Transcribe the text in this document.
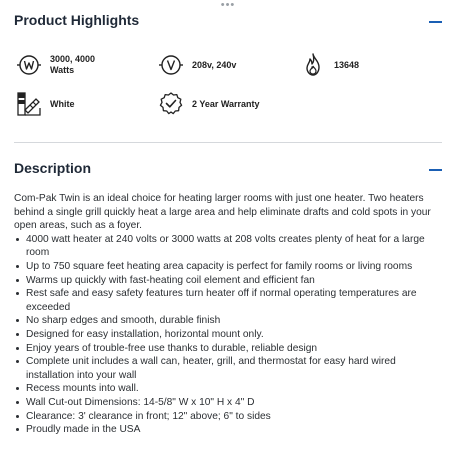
•••
Product Highlights
3000, 4000 Watts
208v, 240v	13648
White	2 Year Warranty
Description

Com-Pak Twin is an ideal choice for heating larger rooms with just one heater. Two heaters behind a single grill quickly heat a large area and help eliminate drafts and cold spots in your open areas, such as a foyer.

4000 watt heater at 240 volts or 3000 watts at 208 volts creates plenty of heat for a large room
Up to 750 square feet heating area capacity is perfect for family rooms or living rooms
Warms up quickly with fast-heating coil element and efficient fan
Rest safe and easy safety features turn heater off if normal operating temperatures are exceeded
No sharp edges and smooth, durable finish
Designed for easy installation, horizontal mount only.
Enjoy years of trouble-free use thanks to durable, reliable design
Complete unit includes a wall can, heater, grill, and thermostat for easy hard wired installation into your wall
Recess mounts into wall.
Wall Cut-out Dimensions: 14-5/8" W x 10" H x 4" D
Clearance: 3' clearance in front; 12" above; 6" to sides
Proudly made in the USA
